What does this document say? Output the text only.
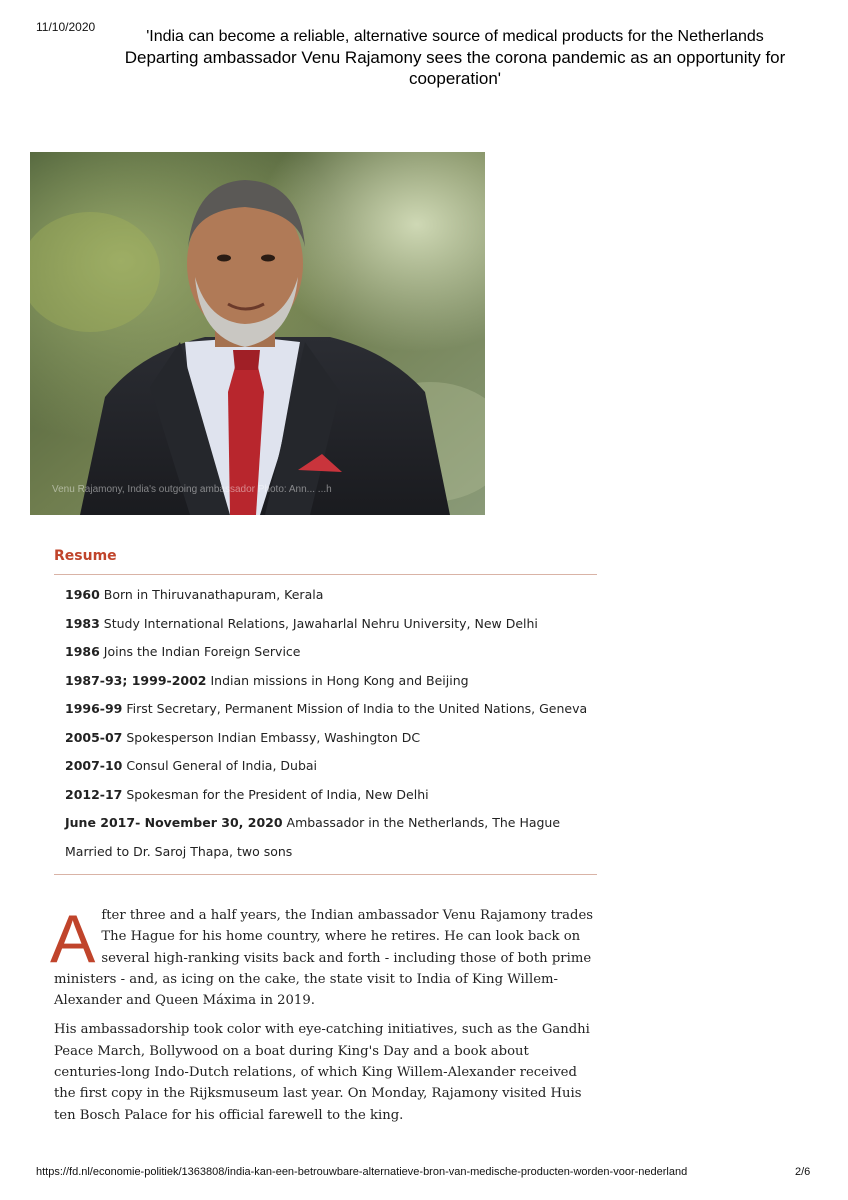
11/10/2020
'India can become a reliable, alternative source of medical products for the Netherlands
Departing ambassador Venu Rajamony sees the corona pandemic as an opportunity for
cooperation'
Venu Rajamony, India's outgoing ambassador Photo: Ann... ...h
Resume
1960 Born in Thiruvanathapuram, Kerala
1983 Study International Relations, Jawaharlal Nehru University, New Delhi
1986 Joins the Indian Foreign Service
1987-93; 1999-2002 Indian missions in Hong Kong and Beijing
1996-99 First Secretary, Permanent Mission of India to the United Nations, Geneva
2005-07 Spokesperson Indian Embassy, Washington DC
2007-10 Consul General of India, Dubai
2012-17 Spokesman for the President of India, New Delhi
June 2017- November 30, 2020 Ambassador in the Netherlands, The Hague
Married to Dr. Saroj Thapa, two sons

After three and a half years, the Indian ambassador Venu Rajamony trades The Hague for his home country, where he retires. He can look back on several high-ranking visits back and forth - including those of both prime ministers - and, as icing on the cake, the state visit to India of King Willem-Alexander and Queen Máxima in 2019.

His ambassadorship took color with eye-catching initiatives, such as the Gandhi Peace March, Bollywood on a boat during King's Day and a book about centuries-long Indo-Dutch relations, of which King Willem-Alexander received the first copy in the Rijksmuseum last year. On Monday, Rajamony visited Huis ten Bosch Palace for his official farewell to the king.

https://fd.nl/economie-politiek/1363808/india-kan-een-betrouwbare-alternatieve-bron-van-medische-producten-worden-voor-nederland	2/6
